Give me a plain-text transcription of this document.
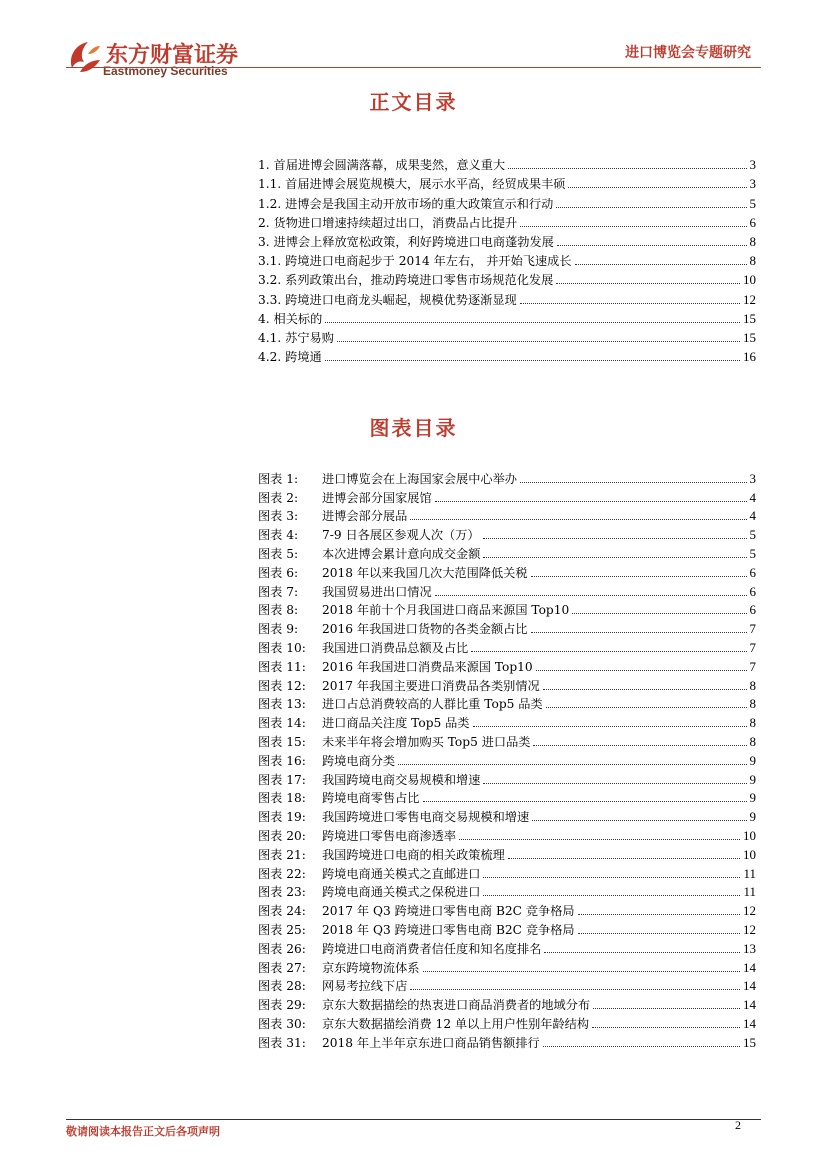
东方财富证券
Eastmoney Securities
进口博览会专题研究
正文目录
1. 首届进博会圆满落幕，成果斐然，意义重大	3
1.1. 首届进博会展览规模大，展示水平高，经贸成果丰硕	3
1.2. 进博会是我国主动开放市场的重大政策宣示和行动	5
2. 货物进口增速持续超过出口，消费品占比提升	6
3. 进博会上释放宽松政策，利好跨境进口电商蓬勃发展	8
3.1. 跨境进口电商起步于 2014 年左右， 并开始飞速成长	8
3.2. 系列政策出台，推动跨境进口零售市场规范化发展	10
3.3. 跨境进口电商龙头崛起，规模优势逐渐显现	12
4. 相关标的	15
4.1. 苏宁易购	15
4.2. 跨境通	16
图表目录
图表 1: 进口博览会在上海国家会展中心举办	3
图表 2: 进博会部分国家展馆	4
图表 3: 进博会部分展品	4
图表 4: 7-9 日各展区参观人次（万）	5
图表 5: 本次进博会累计意向成交金额	5
图表 6: 2018 年以来我国几次大范围降低关税	6
图表 7: 我国贸易进出口情况	6
图表 8: 2018 年前十个月我国进口商品来源国 Top10	6
图表 9: 2016 年我国进口货物的各类金额占比	7
图表 10: 我国进口消费品总额及占比	7
图表 11: 2016 年我国进口消费品来源国 Top10	7
图表 12: 2017 年我国主要进口消费品各类别情况	8
图表 13: 进口占总消费较高的人群比重 Top5 品类	8
图表 14: 进口商品关注度 Top5 品类	8
图表 15: 未来半年将会增加购买 Top5 进口品类	8
图表 16: 跨境电商分类	9
图表 17: 我国跨境电商交易规模和增速	9
图表 18: 跨境电商零售占比	9
图表 19: 我国跨境进口零售电商交易规模和增速	9
图表 20: 跨境进口零售电商渗透率	10
图表 21: 我国跨境进口电商的相关政策梳理	10
图表 22: 跨境电商通关模式之直邮进口	11
图表 23: 跨境电商通关模式之保税进口	11
图表 24: 2017 年 Q3 跨境进口零售电商 B2C 竞争格局	12
图表 25: 2018 年 Q3 跨境进口零售电商 B2C 竞争格局	12
图表 26: 跨境进口电商消费者信任度和知名度排名	13
图表 27: 京东跨境物流体系	14
图表 28: 网易考拉线下店	14
图表 29: 京东大数据描绘的热衷进口商品消费者的地域分布	14
图表 30: 京东大数据描绘消费 12 单以上用户性别年龄结构	14
图表 31: 2018 年上半年京东进口商品销售额排行	15
敬请阅读本报告正文后各项声明	2
